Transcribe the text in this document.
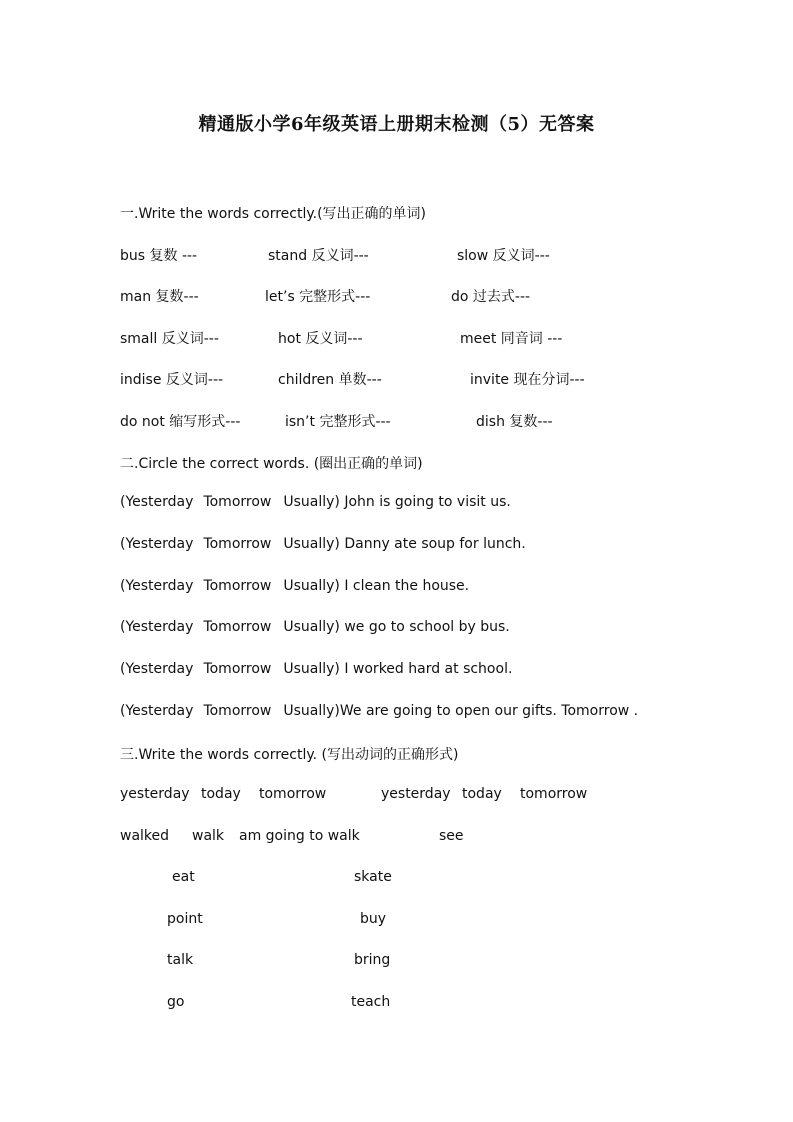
精通版小学6年级英语上册期末检测（5）无答案
一.Write the words correctly.(写出正确的单词)
bus 复数 ---	stand 反义词---	slow 反义词---
man 复数---	let’s 完整形式---	do 过去式---
small 反义词---	hot 反义词---	meet 同音词 ---
indise 反义词---	children 单数---	invite 现在分词---
do not 缩写形式---	isn’t 完整形式---	dish 复数---
二.Circle the correct words. (圈出正确的单词)
(Yesterday Tomorrow Usually) John is going to visit us.
(Yesterday Tomorrow Usually) Danny ate soup for lunch.
(Yesterday Tomorrow Usually) I clean the house.
(Yesterday Tomorrow Usually) we go to school by bus.
(Yesterday Tomorrow Usually) I worked hard at school.
(Yesterday Tomorrow Usually)We are going to open our gifts. Tomorrow .
三.Write the words correctly. (写出动词的正确形式)
yesterday today tomorrow	yesterday today tomorrow
walked walk am going to walk	see
eat	skate
point	buy
talk	bring
go	teach
